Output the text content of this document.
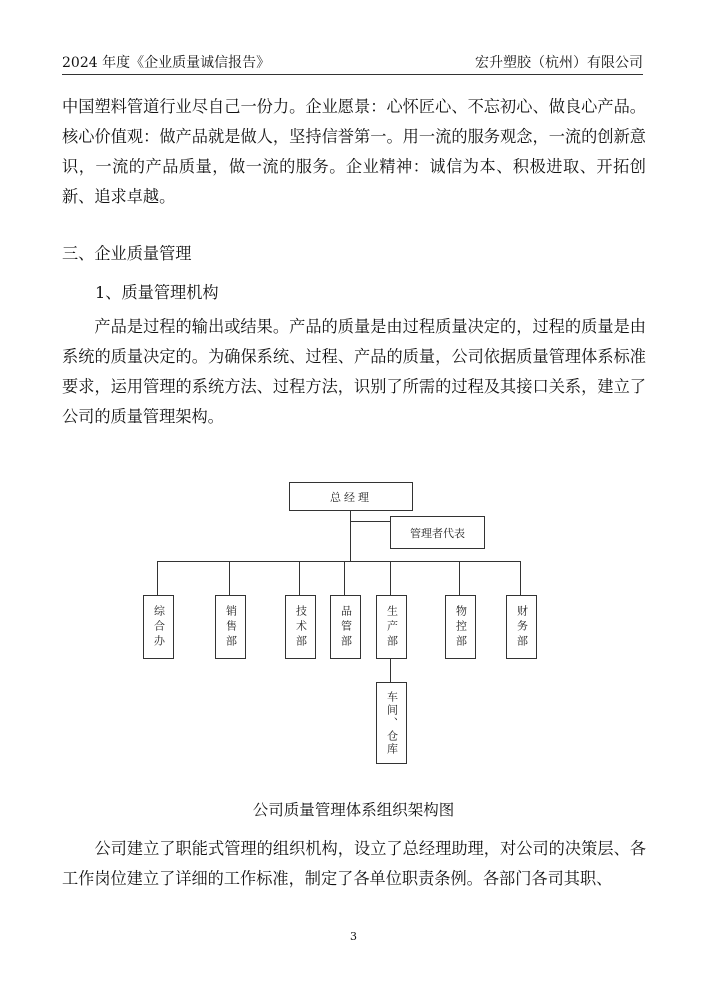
2024 年度《企业质量诚信报告》	宏升塑胶（杭州）有限公司
中国塑料管道行业尽自己一份力。企业愿景：心怀匠心、不忘初心、做良心产品。核心价值观：做产品就是做人，坚持信誉第一。用一流的服务观念，一流的创新意识，一流的产品质量，做一流的服务。企业精神：诚信为本、积极进取、开拓创新、追求卓越。
三、企业质量管理
1、质量管理机构
产品是过程的输出或结果。产品的质量是由过程质量决定的，过程的质量是由系统的质量决定的。为确保系统、过程、产品的质量，公司依据质量管理体系标准要求，运用管理的系统方法、过程方法，识别了所需的过程及其接口关系，建立了公司的质量管理架构。
总经理
管理者代表
综合办	销售部	技术部	品管部	生产部	物控部	财务部
车间、仓库
公司质量管理体系组织架构图
公司建立了职能式管理的组织机构，设立了总经理助理，对公司的决策层、各工作岗位建立了详细的工作标准，制定了各单位职责条例。各部门各司其职、
3
